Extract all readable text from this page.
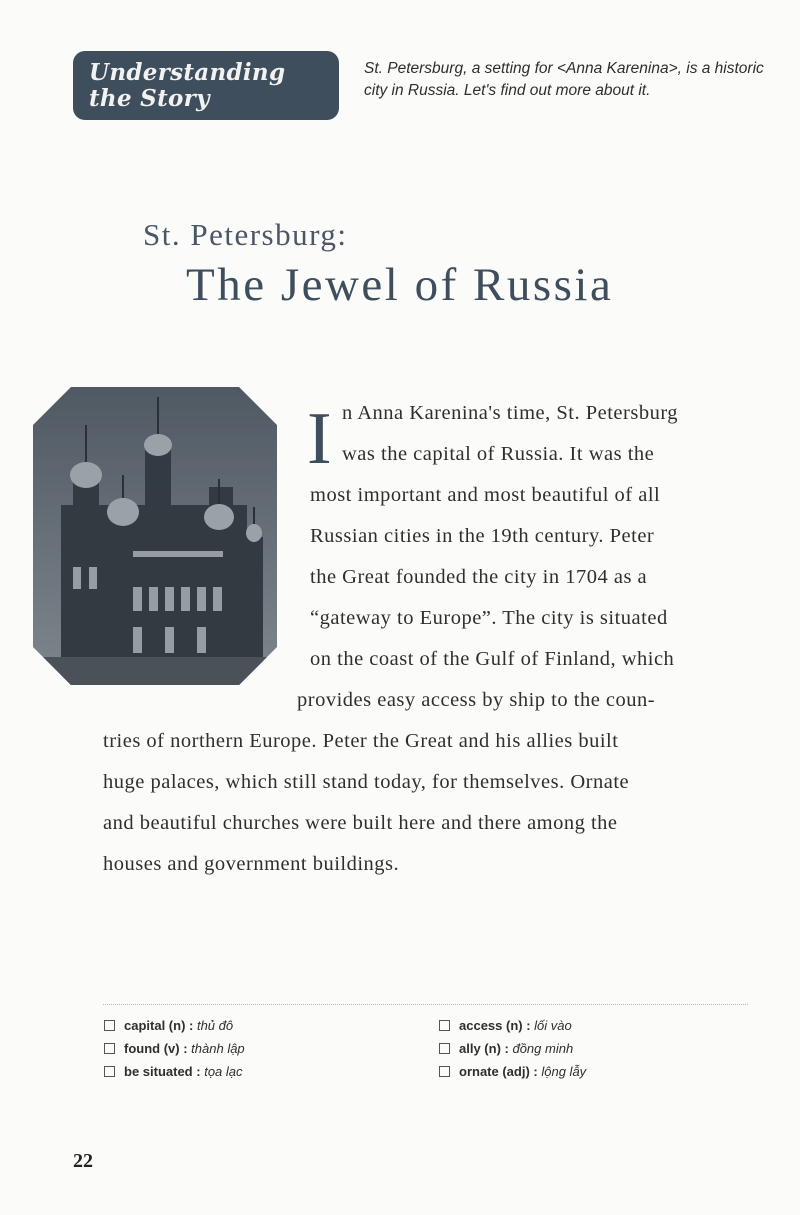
Understanding
the Story
St. Petersburg, a setting for <Anna Karenina>, is a historic city in Russia. Let's find out more about it.
St. Petersburg:
The Jewel of Russia
I n Anna Karenina's time, St. Petersburg
was the capital of Russia. It was the
most important and most beautiful of all
Russian cities in the 19th century. Peter
the Great founded the city in 1704 as a
“gateway to Europe”. The city is situated
on the coast of the Gulf of Finland, which
provides easy access by ship to the coun-
tries of northern Europe. Peter the Great and his allies built
huge palaces, which still stand today, for themselves. Ornate
and beautiful churches were built here and there among the
houses and government buildings.
capital (n) : thủ đô
found (v) : thành lập
be situated : tọa lạc
access (n) : lối vào
ally (n) : đồng minh
ornate (adj) : lộng lẫy
22
